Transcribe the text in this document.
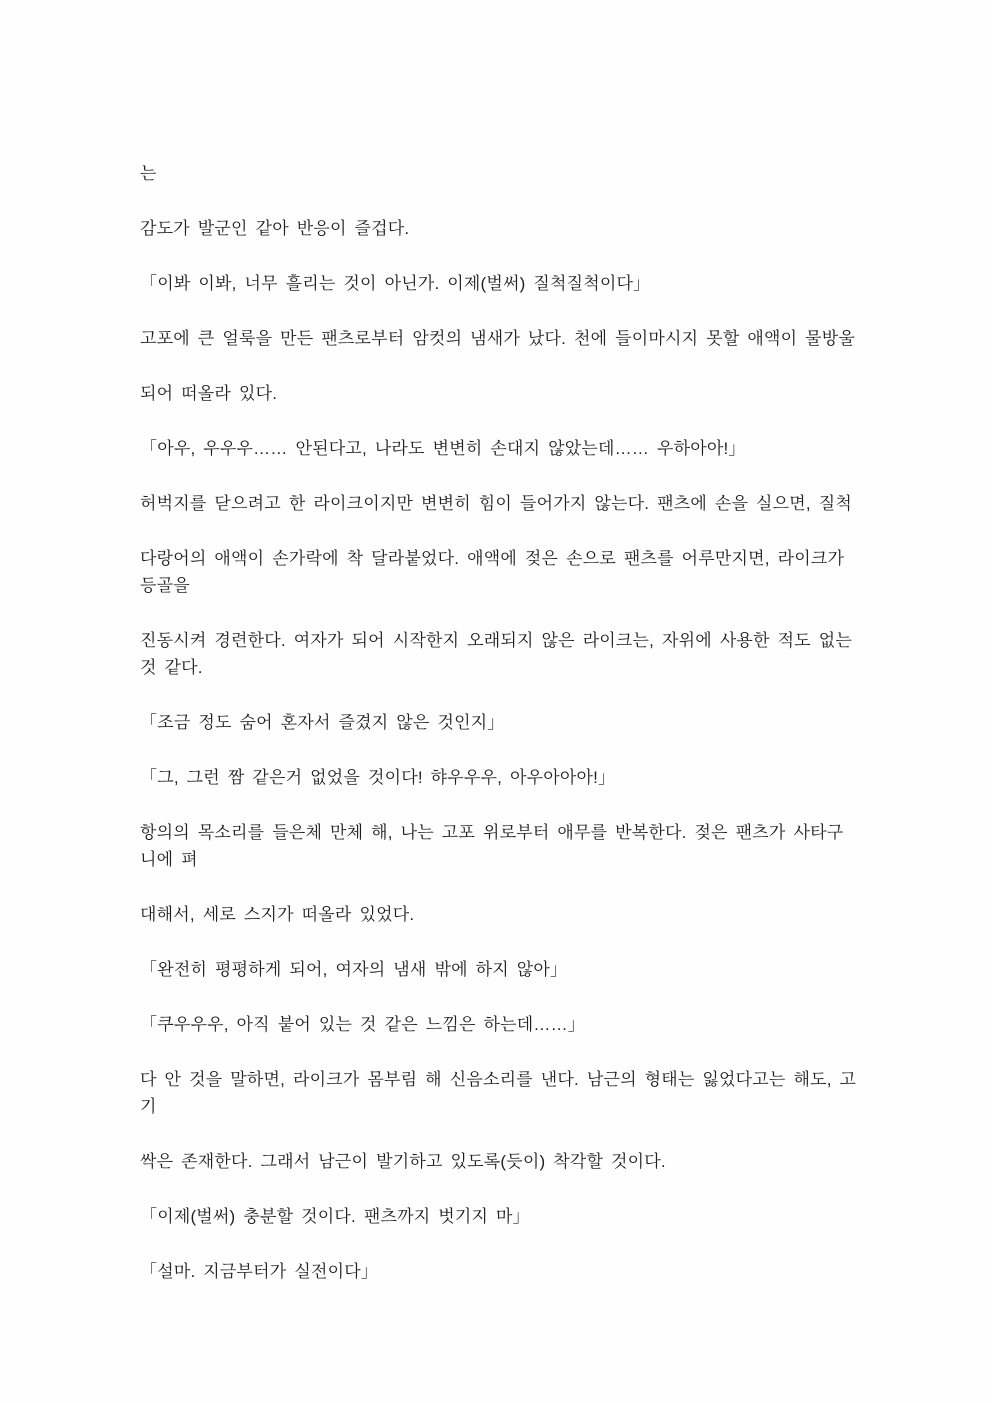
는
감도가 발군인 같아 반응이 즐겁다.
「이봐 이봐, 너무 흘리는 것이 아닌가. 이제(벌써) 질척질척이다」
고포에 큰 얼룩을 만든 팬츠로부터 암컷의 냄새가 났다. 천에 들이마시지 못할 애액이 물방울
되어 떠올라 있다.
「아우, 우우우…… 안된다고, 나라도 변변히 손대지 않았는데…… 우하아아!」
허벅지를 닫으려고 한 라이크이지만 변변히 힘이 들어가지 않는다. 팬츠에 손을 실으면, 질척
다랑어의 애액이 손가락에 착 달라붙었다. 애액에 젖은 손으로 팬츠를 어루만지면, 라이크가
등골을
진동시켜 경련한다. 여자가 되어 시작한지 오래되지 않은 라이크는, 자위에 사용한 적도 없는
것 같다.
「조금 정도 숨어 혼자서 즐겼지 않은 것인지」
「그, 그런 짬 같은거 없었을 것이다! 햐우우우, 아우아아아!」
항의의 목소리를 들은체 만체 해, 나는 고포 위로부터 애무를 반복한다. 젖은 팬츠가 사타구
니에 펴
대해서, 세로 스지가 떠올라 있었다.
「완전히 평평하게 되어, 여자의 냄새 밖에 하지 않아」
「쿠우우우, 아직 붙어 있는 것 같은 느낌은 하는데……」
다 안 것을 말하면, 라이크가 몸부림 해 신음소리를 낸다. 남근의 형태는 잃었다고는 해도, 고
기
싹은 존재한다. 그래서 남근이 발기하고 있도록(듯이) 착각할 것이다.
「이제(벌써) 충분할 것이다. 팬츠까지 벗기지 마」
「설마. 지금부터가 실전이다」
